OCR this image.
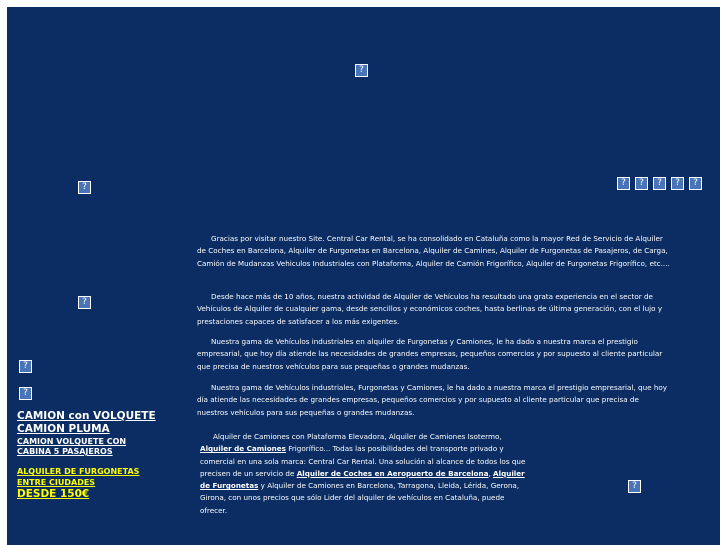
?
?	?	?	?	?	?
?
?
?
?
CAMION con VOLQUETE
CAMION PLUMA
CAMION VOLQUETE CON
CABINA 5 PASAJEROS
ALQUILER DE FURGONETAS
ENTRE CIUDADES
DESDE 150€

Gracias por visitar nuestro Site. Central Car Rental, se ha consolidado en Cataluña como la mayor Red de Servicio de Alquiler de Coches en Barcelona, Alquiler de Furgonetas en Barcelona, Alquiler de Camines, Alquiler de Furgonetas de Pasajeros, de Carga, Camión de Mudanzas Vehiculos Industriales con Plataforma, Alquiler de Camión Frigorífico, Alquiler de Furgonetas Frigorífico, etc....

Desde hace más de 10 años, nuestra actividad de Alquiler de Vehículos ha resultado una grata experiencia en el sector de Vehículos de Alquiler de cualquier gama, desde sencillos y económicos coches, hasta berlinas de última generación, con el lujo y prestaciones capaces de satisfacer a los más exigentes.

Nuestra gama de Vehículos industriales en alquiler de Furgonetas y Camiones, le ha dado a nuestra marca el prestigio empresarial, que hoy día atiende las necesidades de grandes empresas, pequeños comercios y por supuesto al cliente particular que precisa de nuestros vehículos para sus pequeñas o grandes mudanzas.

Nuestra gama de Vehículos industriales, Furgonetas y Camiones, le ha dado a nuestra marca el prestigio empresarial, que hoy día atiende las necesidades de grandes empresas, pequeños comercios y por supuesto al cliente particular que precisa de nuestros vehículos para sus pequeñas o grandes mudanzas.

Alquiler de Camiones con Plataforma Elevadora, Alquiler de Camiones Isotermo, Alquiler de Camiones Frigorífico... Todas las posibilidades del transporte privado y comercial en una sola marca: Central Car Rental. Una solución al alcance de todos los que precisen de un servicio de Alquiler de Coches en Aeropuerto de Barcelona, Alquiler de Furgonetas y Alquiler de Camiones en Barcelona, Tarragona, Lleida, Lérida, Gerona, Girona, con unos precios que sólo Lider del alquiler de vehículos en Cataluña, puede ofrecer.
